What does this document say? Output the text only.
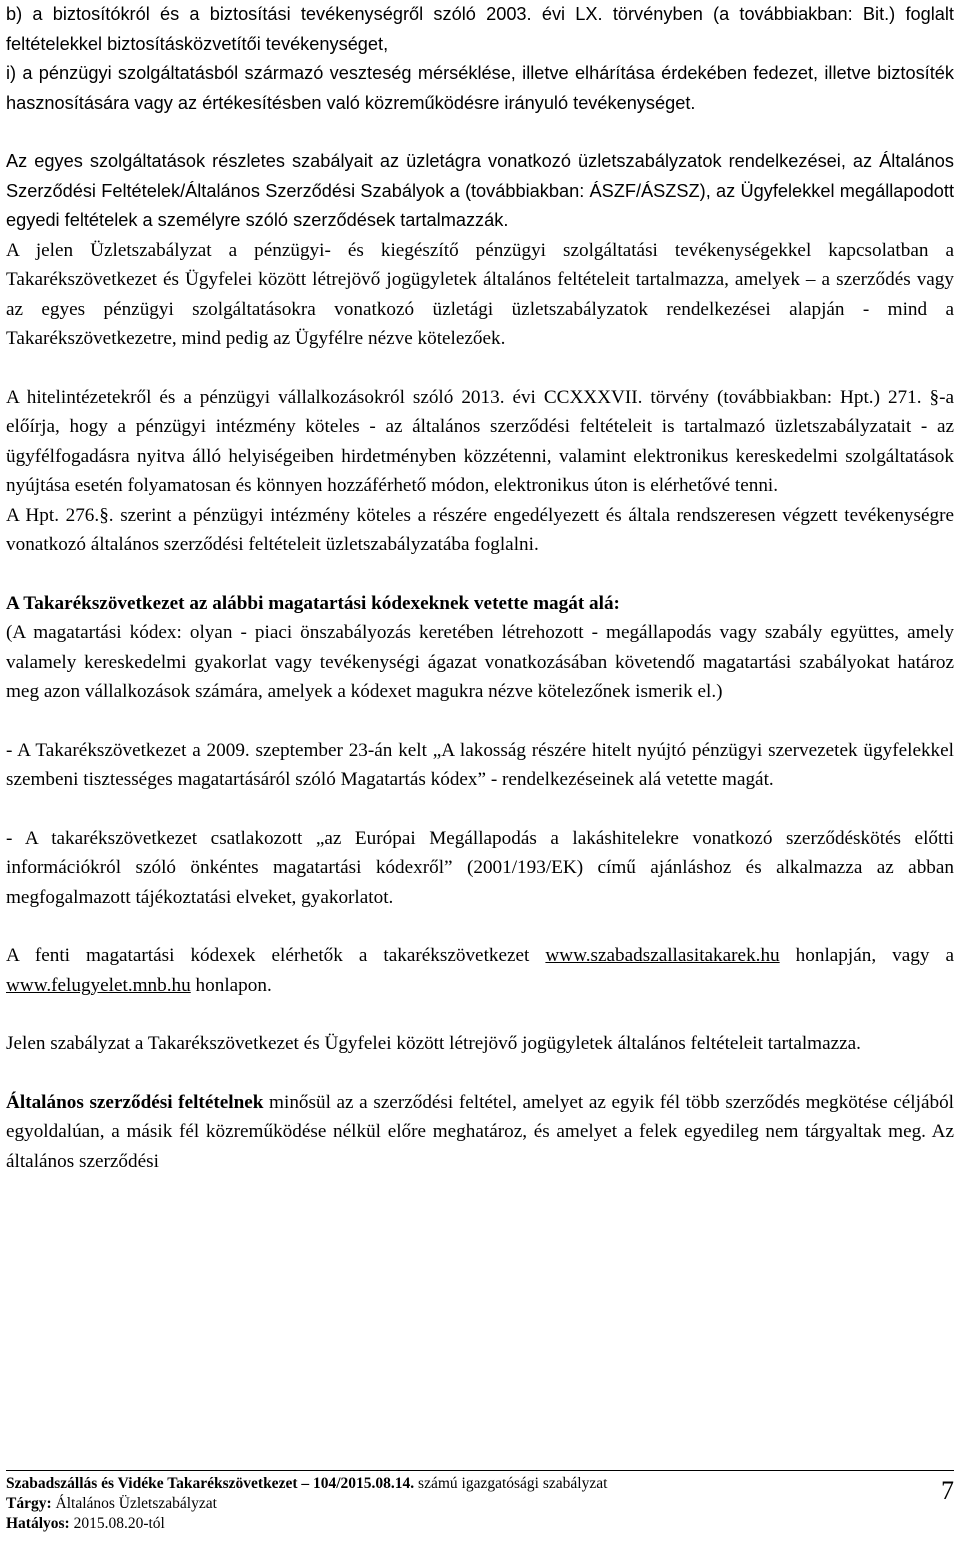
b) a biztosítókról és a biztosítási tevékenységről szóló 2003. évi LX. törvényben (a továbbiakban: Bit.) foglalt feltételekkel biztosításközvetítői tevékenységet,

i) a pénzügyi szolgáltatásból származó veszteség mérséklése, illetve elhárítása érdekében fedezet, illetve biztosíték hasznosítására vagy az értékesítésben való közreműködésre irányuló tevékenységet.

Az egyes szolgáltatások részletes szabályait az üzletágra vonatkozó üzletszabályzatok rendelkezései, az Általános Szerződési Feltételek/Általános Szerződési Szabályok a (továbbiakban: ÁSZF/ÁSZSZ), az Ügyfelekkel megállapodott egyedi feltételek a személyre szóló szerződések tartalmazzák.

A jelen Üzletszabályzat a pénzügyi- és kiegészítő pénzügyi szolgáltatási tevékenységekkel kapcsolatban a Takarékszövetkezet és Ügyfelei között létrejövő jogügyletek általános feltételeit tartalmazza, amelyek – a szerződés vagy az egyes pénzügyi szolgáltatásokra vonatkozó üzletági üzletszabályzatok rendelkezései alapján - mind a Takarékszövetkezetre, mind pedig az Ügyfélre nézve kötelezőek.

A hitelintézetekről és a pénzügyi vállalkozásokról szóló 2013. évi CCXXXVII. törvény (továbbiakban: Hpt.) 271. §-a előírja, hogy a pénzügyi intézmény köteles - az általános szerződési feltételeit is tartalmazó üzletszabályzatait - az ügyfélfogadásra nyitva álló helyiségeiben hirdetményben közzétenni, valamint elektronikus kereskedelmi szolgáltatások nyújtása esetén folyamatosan és könnyen hozzáférhető módon, elektronikus úton is elérhetővé tenni.

A Hpt. 276.§. szerint a pénzügyi intézmény köteles a részére engedélyezett és általa rendszeresen végzett tevékenységre vonatkozó általános szerződési feltételeit üzletszabályzatába foglalni.

A Takarékszövetkezet az alábbi magatartási kódexeknek vetette magát alá:

(A magatartási kódex: olyan - piaci önszabályozás keretében létrehozott - megállapodás vagy szabály együttes, amely valamely kereskedelmi gyakorlat vagy tevékenységi ágazat vonatkozásában követendő magatartási szabályokat határoz meg azon vállalkozások számára, amelyek a kódexet magukra nézve kötelezőnek ismerik el.)

- A Takarékszövetkezet a 2009. szeptember 23-án kelt „A lakosság részére hitelt nyújtó pénzügyi szervezetek ügyfelekkel szembeni tisztességes magatartásáról szóló Magatartás kódex” - rendelkezéseinek alá vetette magát.

- A takarékszövetkezet csatlakozott „az Európai Megállapodás a lakáshitelekre vonatkozó szerződéskötés előtti információkról szóló önkéntes magatartási kódexről” (2001/193/EK) című ajánláshoz és alkalmazza az abban megfogalmazott tájékoztatási elveket, gyakorlatot.

A fenti magatartási kódexek elérhetők a takarékszövetkezet www.szabadszallasitakarek.hu honlapján, vagy a www.felugyelet.mnb.hu honlapon.

Jelen szabályzat a Takarékszövetkezet és Ügyfelei között létrejövő jogügyletek általános feltételeit tartalmazza.

Általános szerződési feltételnek minősül az a szerződési feltétel, amelyet az egyik fél több szerződés megkötése céljából egyoldalúan, a másik fél közreműködése nélkül előre meghatároz, és amelyet a felek egyedileg nem tárgyaltak meg. Az általános szerződési

Szabadszállás és Vidéke Takarékszövetkezet – 104/2015.08.14. számú igazgatósági szabályzat
Tárgy: Általános Üzletszabályzat
Hatályos: 2015.08.20-tól
7
